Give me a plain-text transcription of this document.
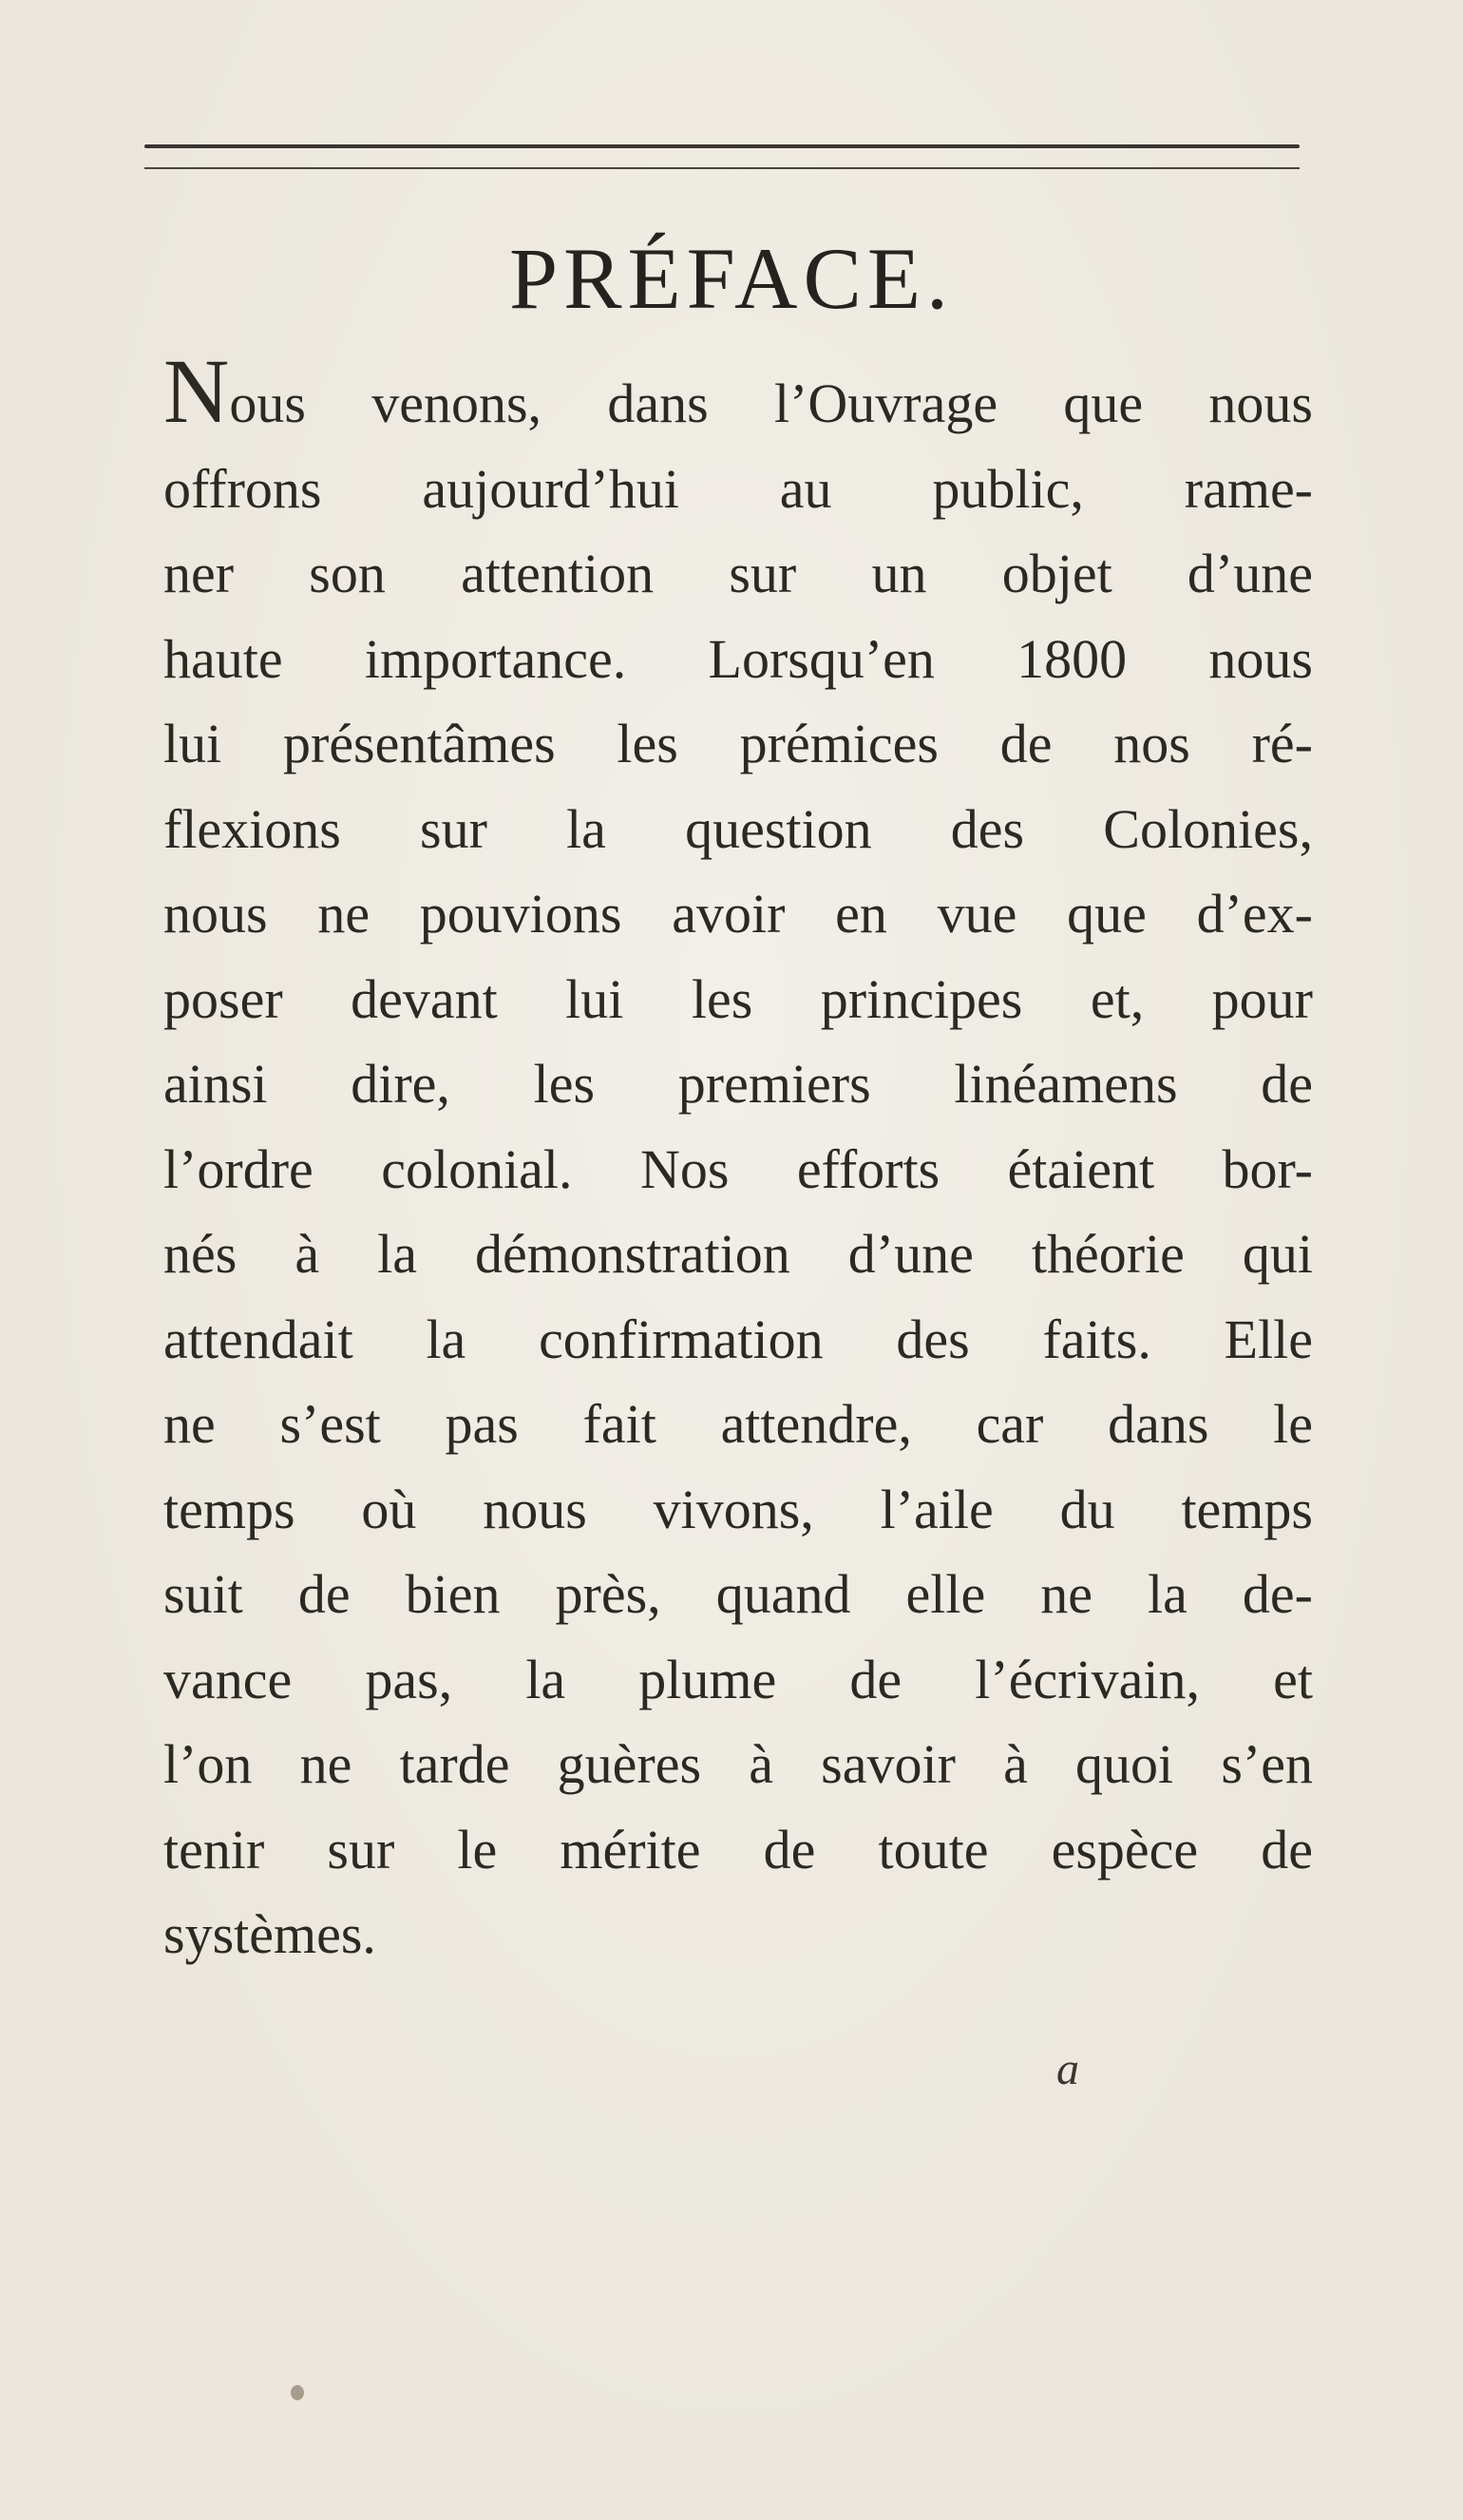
PRÉFACE.
Nous venons, dans l’Ouvrage que nous
offrons aujourd’hui au public, rame-
ner son attention sur un objet d’une
haute importance. Lorsqu’en 1800 nous
lui présentâmes les prémices de nos ré-
flexions sur la question des Colonies,
nous ne pouvions avoir en vue que d’ex-
poser devant lui les principes et, pour
ainsi dire, les premiers linéamens de
l’ordre colonial. Nos efforts étaient bor-
nés à la démonstration d’une théorie qui
attendait la confirmation des faits. Elle
ne s’est pas fait attendre, car dans le
temps où nous vivons, l’aile du temps
suit de bien près, quand elle ne la de-
vance pas, la plume de l’écrivain, et
l’on ne tarde guères à savoir à quoi s’en
tenir sur le mérite de toute espèce de
systèmes.
a
